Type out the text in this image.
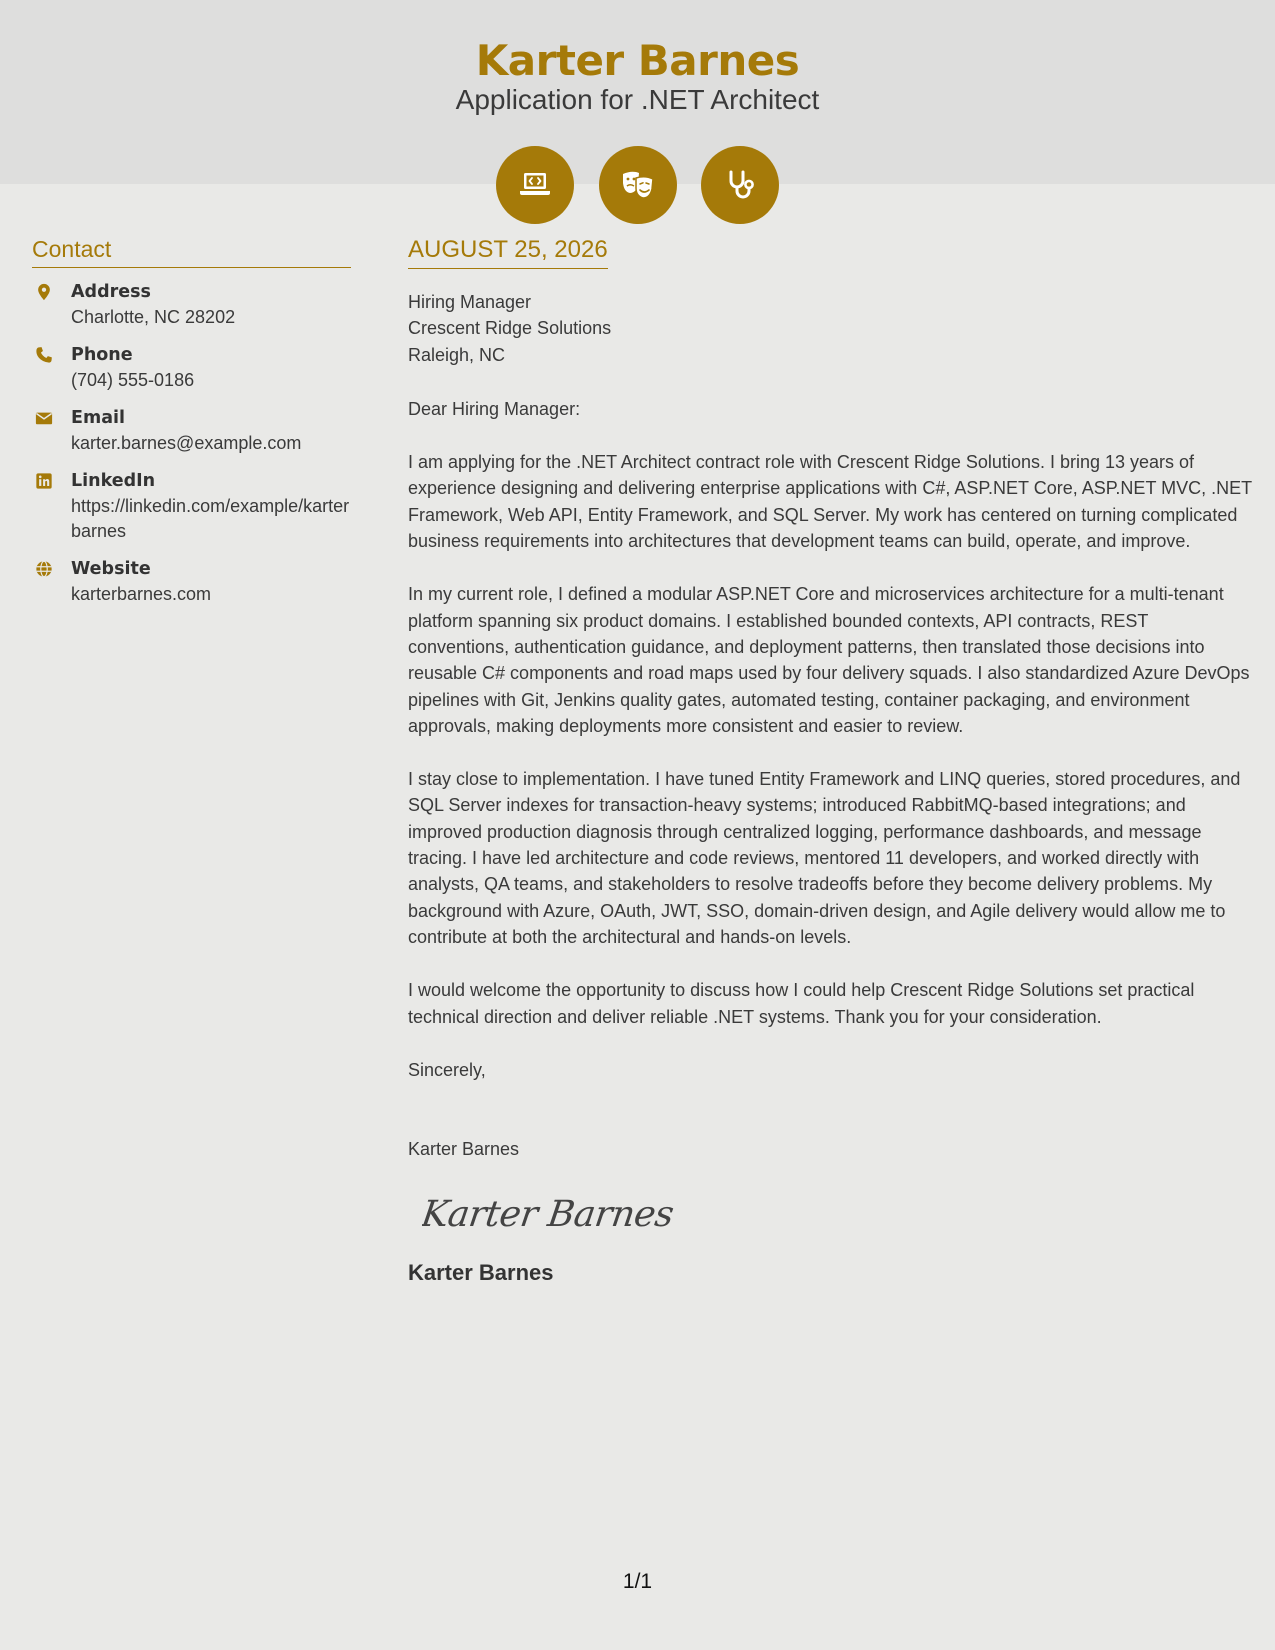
Karter Barnes
Application for .NET Architect
Contact
Address
Charlotte, NC 28202
Phone
(704) 555-0186
Email
karter.barnes@example.com
LinkedIn
https://linkedin.com/example/karterbarnes
Website
karterbarnes.com
AUGUST 25, 2026
Hiring Manager
Crescent Ridge Solutions
Raleigh, NC
Dear Hiring Manager:
I am applying for the .NET Architect contract role with Crescent Ridge Solutions. I bring 13 years of experience designing and delivering enterprise applications with C#, ASP.NET Core, ASP.NET MVC, .NET Framework, Web API, Entity Framework, and SQL Server. My work has centered on turning complicated business requirements into architectures that development teams can build, operate, and improve.
In my current role, I defined a modular ASP.NET Core and microservices architecture for a multi-tenant platform spanning six product domains. I established bounded contexts, API contracts, REST conventions, authentication guidance, and deployment patterns, then translated those decisions into reusable C# components and road maps used by four delivery squads. I also standardized Azure DevOps pipelines with Git, Jenkins quality gates, automated testing, container packaging, and environment approvals, making deployments more consistent and easier to review.
I stay close to implementation. I have tuned Entity Framework and LINQ queries, stored procedures, and SQL Server indexes for transaction-heavy systems; introduced RabbitMQ-based integrations; and improved production diagnosis through centralized logging, performance dashboards, and message tracing. I have led architecture and code reviews, mentored 11 developers, and worked directly with analysts, QA teams, and stakeholders to resolve tradeoffs before they become delivery problems. My background with Azure, OAuth, JWT, SSO, domain-driven design, and Agile delivery would allow me to contribute at both the architectural and hands-on levels.
I would welcome the opportunity to discuss how I could help Crescent Ridge Solutions set practical technical direction and deliver reliable .NET systems. Thank you for your consideration.
Sincerely,
Karter Barnes
Karter Barnes
Karter Barnes
1/1
